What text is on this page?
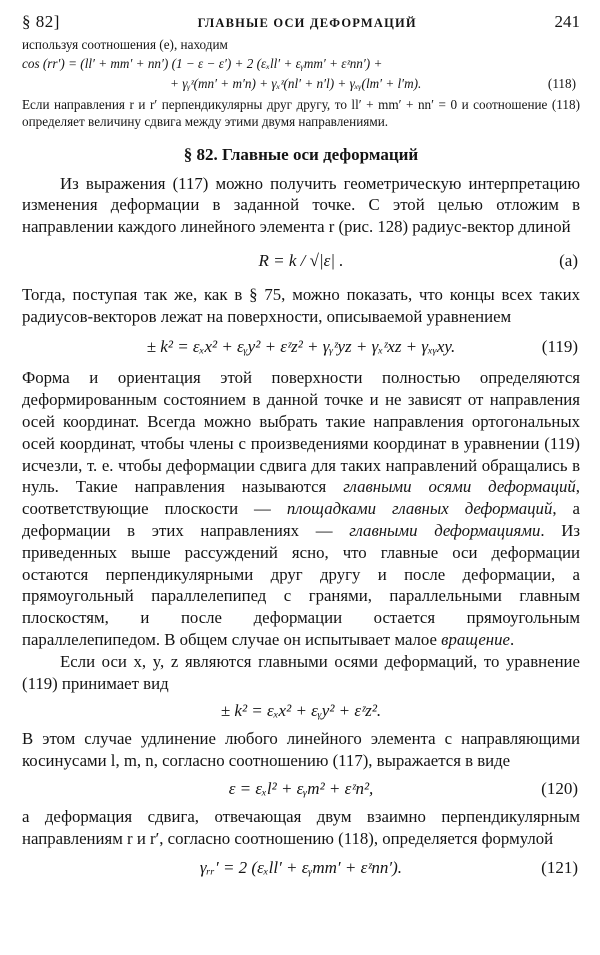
§ 82]	ГЛАВНЫЕ ОСИ ДЕФОРМАЦИЙ	241
используя соотношения (е), находим
cos (rr′) = (ll′ + mm′ + nn′) (1 − ε − ε′) + 2 (εₓll′ + εᵧmm′ + εᶻnn′) +
+ γᵧᶻ(mn′ + m′n) + γₓᶻ(nl′ + n′l) + γₓᵧ(lm′ + l′m).	(118)
Если направления r и r′ перпендикулярны друг другу, то ll′ + mm′ + nn′ = 0 и соотношение (118) определяет величину сдвига между этими двумя направлениями.
§ 82. Главные оси деформаций
Из выражения (117) можно получить геометрическую интерпретацию изменения деформации в заданной точке. С этой целью отложим в направлении каждого линейного элемента r (рис. 128) радиус-вектор длиной
R = k / √|ε| .	(a)
Тогда, поступая так же, как в § 75, можно показать, что концы всех таких радиусов-векторов лежат на поверхности, описываемой уравнением
± k² = εₓx² + εᵧy² + εᶻz² + γᵧᶻyz + γₓᶻxz + γₓᵧxy.	(119)
Форма и ориентация этой поверхности полностью определяются деформированным состоянием в данной точке и не зависят от направления осей координат. Всегда можно выбрать такие направления ортогональных осей координат, чтобы члены с произведениями координат в уравнении (119) исчезли, т. е. чтобы деформации сдвига для таких направлений обращались в нуль. Такие направления называются главными осями деформаций, соответствующие плоскости — площадками главных деформаций, а деформации в этих направлениях — главными деформациями. Из приведенных выше рассуждений ясно, что главные оси деформации остаются перпендикулярными друг другу и после деформации, а прямоугольный параллелепипед с гранями, параллельными главным плоскостям, и после деформации остается прямоугольным параллелепипедом. В общем случае он испытывает малое вращение.
Если оси x, y, z являются главными осями деформаций, то уравнение (119) принимает вид
± k² = εₓx² + εᵧy² + εᶻz².
В этом случае удлинение любого линейного элемента с направляющими косинусами l, m, n, согласно соотношению (117), выражается в виде
ε = εₓl² + εᵧm² + εᶻn²,	(120)
а деформация сдвига, отвечающая двум взаимно перпендикулярным направлениям r и r′, согласно соотношению (118), определяется формулой
γᵣᵣ′ = 2 (εₓll′ + εᵧmm′ + εᶻnn′).	(121)
